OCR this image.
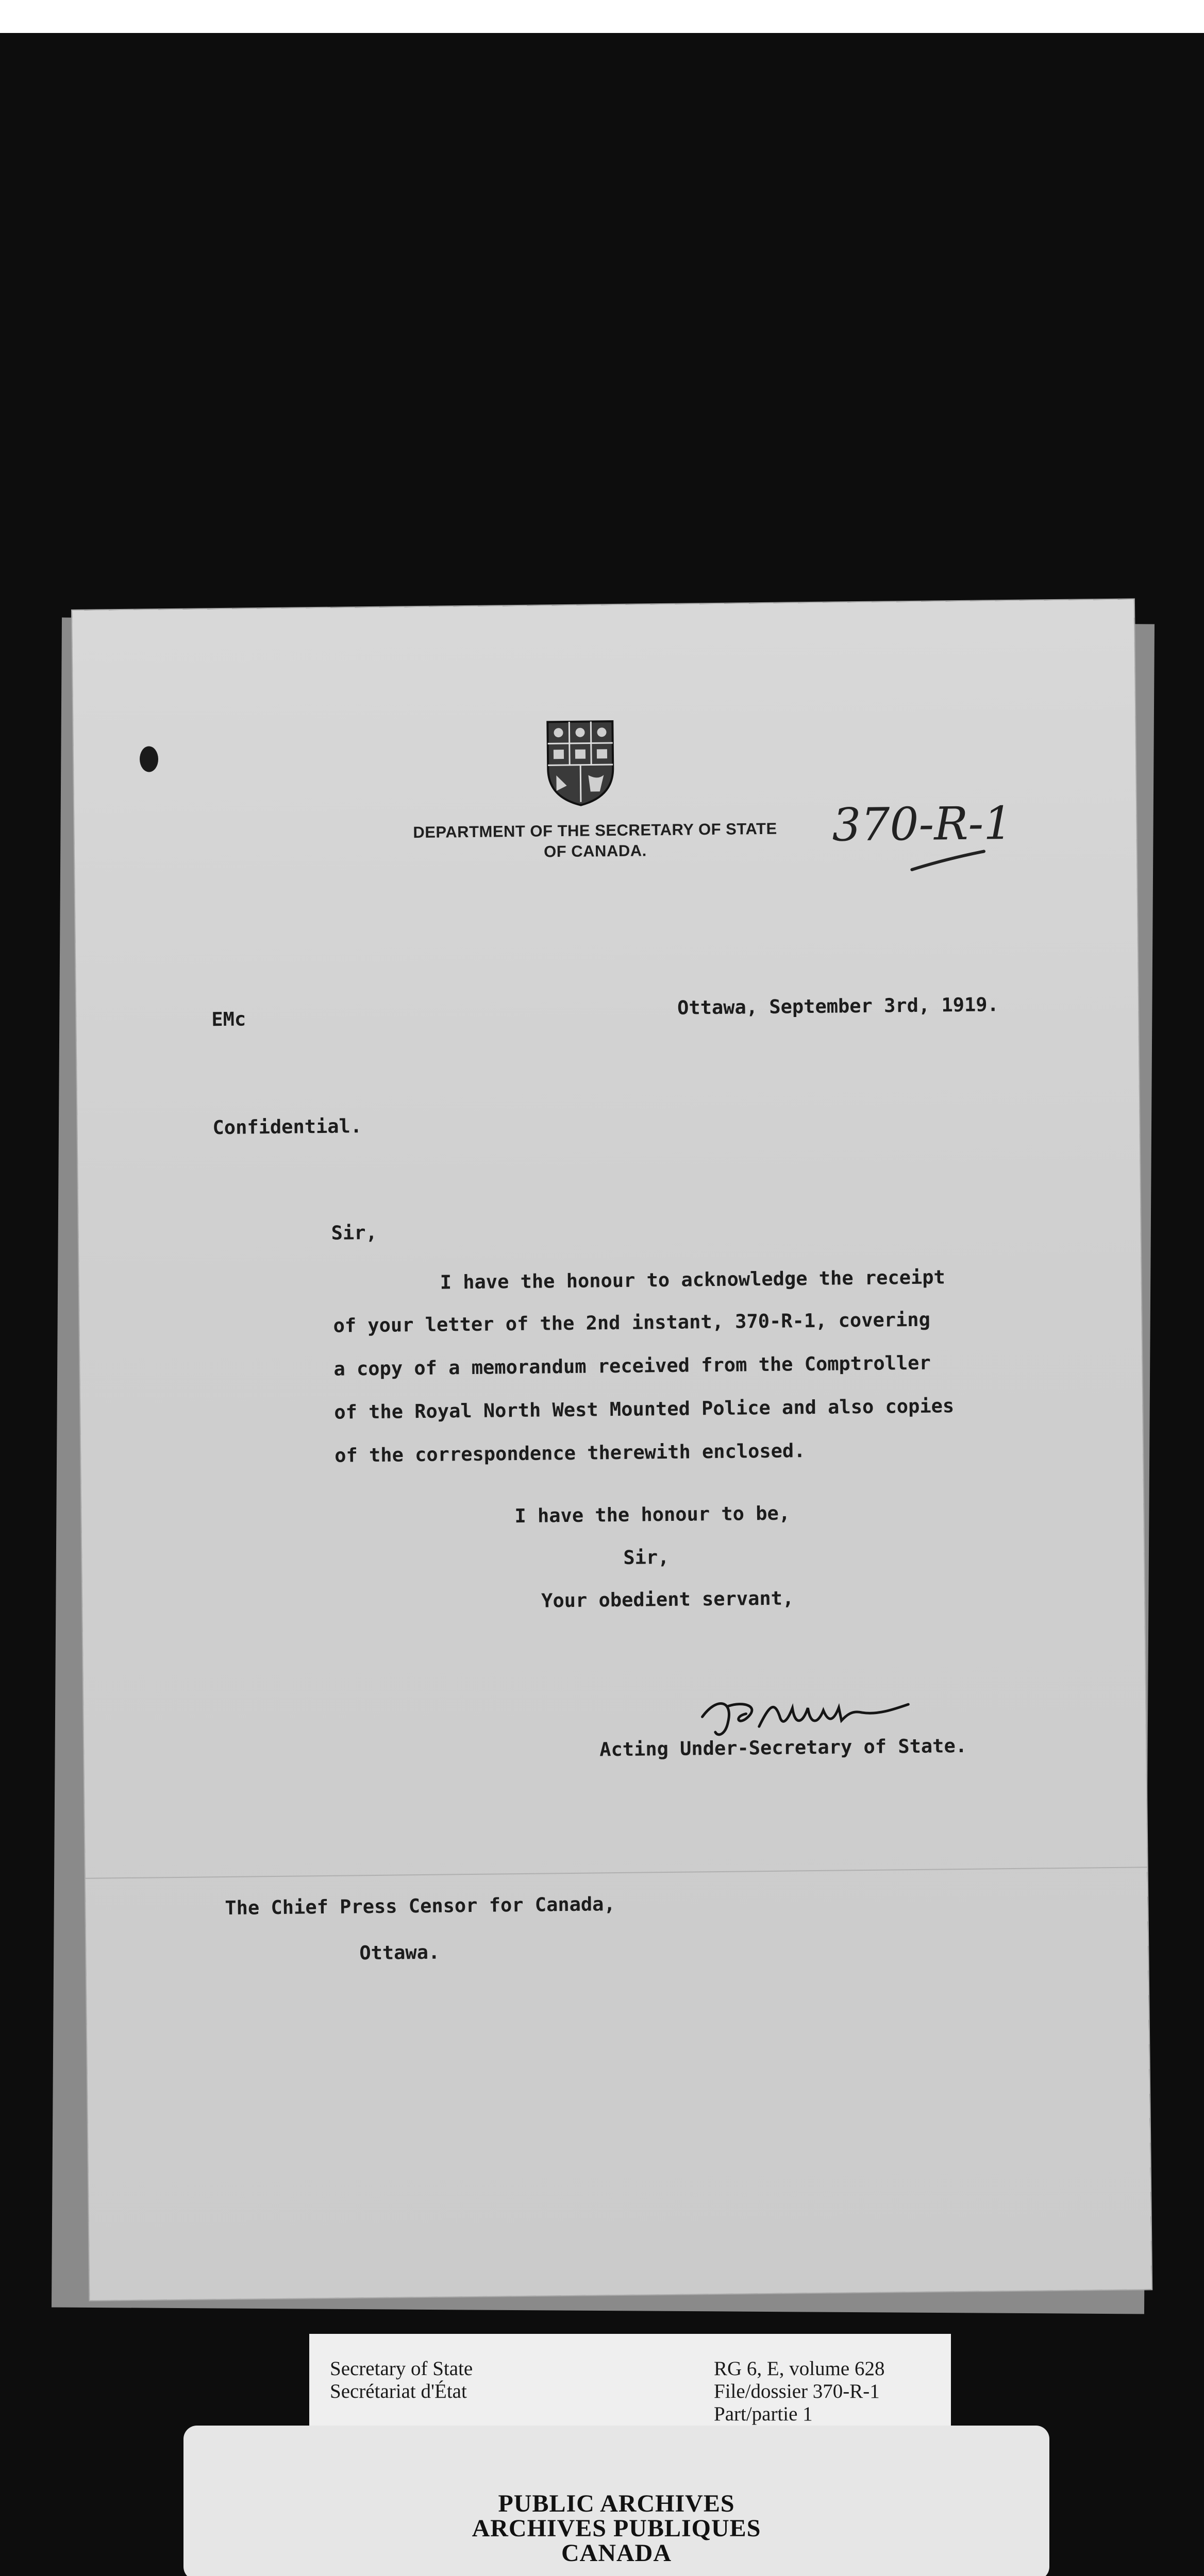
DEPARTMENT OF THE SECRETARY OF STATE
OF CANADA.	370-R-1
EMc
Ottawa, September 3rd, 1919.
Confidential.
Sir,
I have the honour to acknowledge the receipt
of your letter of the 2nd instant, 370-R-1, covering
a copy of a memorandum received from the Comptroller
of the Royal North West Mounted Police and also copies
of the correspondence therewith enclosed.
I have the honour to be,
Sir,
Your obedient servant,
Acting Under-Secretary of State.
The Chief Press Censor for Canada,
Ottawa.
Secretary of State
Secrétariat d'État
RG 6, E, volume 628
File/dossier 370-R-1
Part/partie 1
PUBLIC ARCHIVES
ARCHIVES PUBLIQUES
CANADA
